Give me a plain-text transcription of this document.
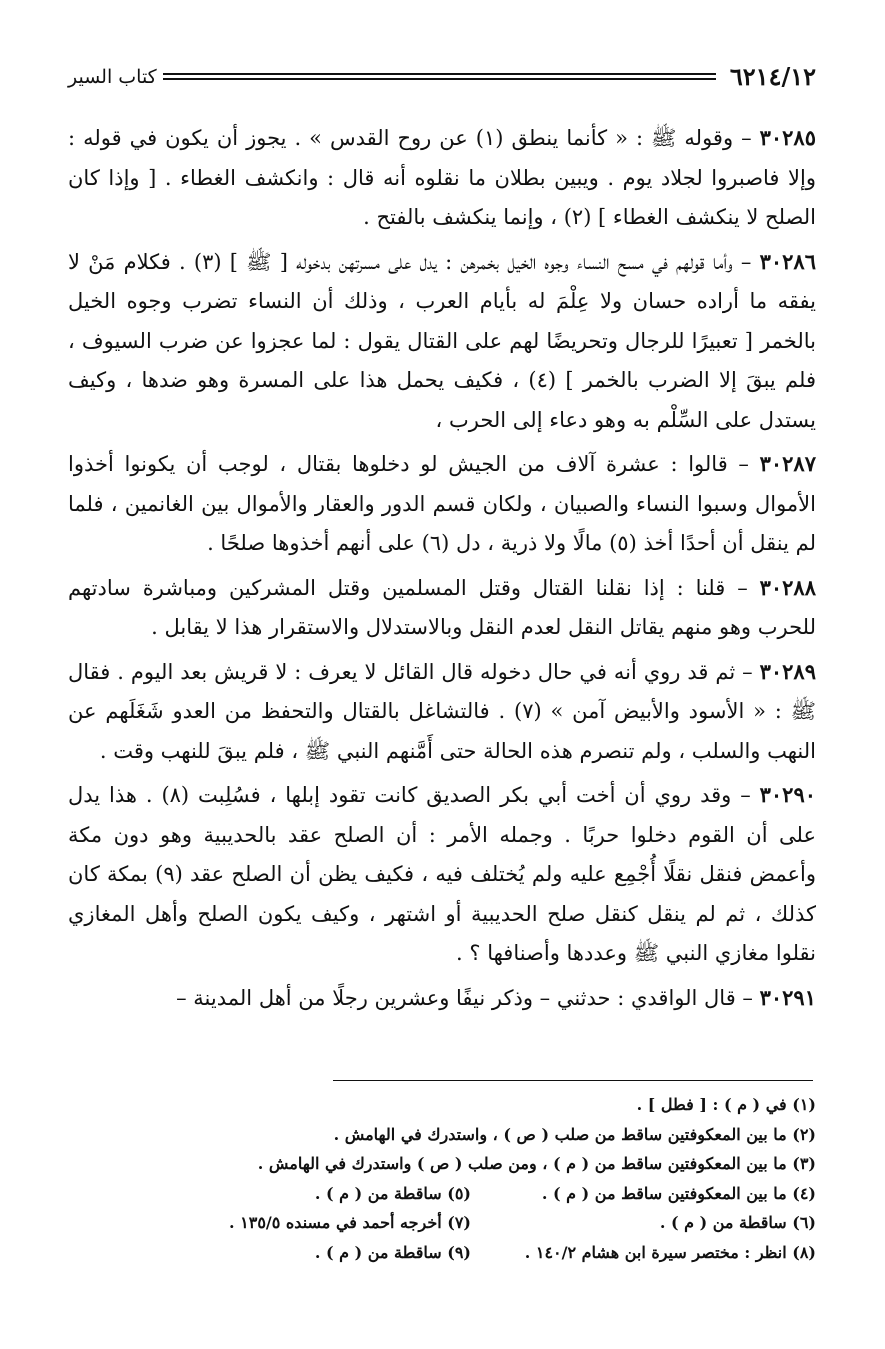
٦٢١٤/١٢
كتاب السير

٣٠٢٨٥ – وقوله ﷺ : « كأنما ينطق (١) عن روح القدس » . يجوز أن يكون في قوله : وإلا فاصبروا لجلاد يوم . ويبين بطلان ما نقلوه أنه قال : وانكشف الغطاء . [ وإذا كان الصلح لا ينكشف الغطاء ] (٢) ، وإنما ينكشف بالفتح .

٣٠٢٨٦ – وأما قولهم في مسح النساء وجوه الخيل بخمرهن : يدل على مسرتهن بدخوله [ ﷺ ] (٣) . فكلام مَنْ لا يفقه ما أراده حسان ولا عِلْمَ له بأيام العرب ، وذلك أن النساء تضرب وجوه الخيل بالخمر [ تعبيرًا للرجال وتحريضًا لهم على القتال يقول : لما عجزوا عن ضرب السيوف ، فلم يبقَ إلا الضرب بالخمر ] (٤) ، فكيف يحمل هذا على المسرة وهو ضدها ، وكيف يستدل على السِّلْم به وهو دعاء إلى الحرب ،

٣٠٢٨٧ – قالوا : عشرة آلاف من الجيش لو دخلوها بقتال ، لوجب أن يكونوا أخذوا الأموال وسبوا النساء والصبيان ، ولكان قسم الدور والعقار والأموال بين الغانمين ، فلما لم ينقل أن أحدًا أخذ (٥) مالًا ولا ذرية ، دل (٦) على أنهم أخذوها صلحًا .

٣٠٢٨٨ – قلنا : إذا نقلنا القتال وقتل المسلمين وقتل المشركين ومباشرة سادتهم للحرب وهو منهم يقاتل النقل لعدم النقل وبالاستدلال والاستقرار هذا لا يقابل .

٣٠٢٨٩ – ثم قد روي أنه في حال دخوله قال القائل لا يعرف : لا قريش بعد اليوم . فقال ﷺ : « الأسود والأبيض آمن » (٧) . فالتشاغل بالقتال والتحفظ من العدو شَغَلَهم عن النهب والسلب ، ولم تنصرم هذه الحالة حتى أَمَّنهم النبي ﷺ ، فلم يبقَ للنهب وقت .

٣٠٢٩٠ – وقد روي أن أخت أبي بكر الصديق كانت تقود إبلها ، فسُلِبت (٨) . هذا يدل على أن القوم دخلوا حربًا . وجمله الأمر : أن الصلح عقد بالحديبية وهو دون مكة وأعمض فنقل نقلًا أُجْمِع عليه ولم يُختلف فيه ، فكيف يظن أن الصلح عقد (٩) بمكة كان كذلك ، ثم لم ينقل كنقل صلح الحديبية أو اشتهر ، وكيف يكون الصلح وأهل المغازي نقلوا مغازي النبي ﷺ وعددها وأصنافها ؟ .

٣٠٢٩١ – قال الواقدي : حدثني – وذكر نيفًا وعشرين رجلًا من أهل المدينة –

(١) في ( م ) : [ فطل ] .
(٢) ما بين المعكوفتين ساقط من صلب ( ص ) ، واستدرك في الهامش .
(٣) ما بين المعكوفتين ساقط من ( م ) ، ومن صلب ( ص ) واستدرك في الهامش .
(٤) ما بين المعكوفتين ساقط من ( م ) .
(٥) ساقطة من ( م ) .
(٦) ساقطة من ( م ) .
(٧) أخرجه أحمد في مسنده ١٣٥/٥ .
(٨) انظر : مختصر سيرة ابن هشام ١٤٠/٢ .
(٩) ساقطة من ( م ) .
